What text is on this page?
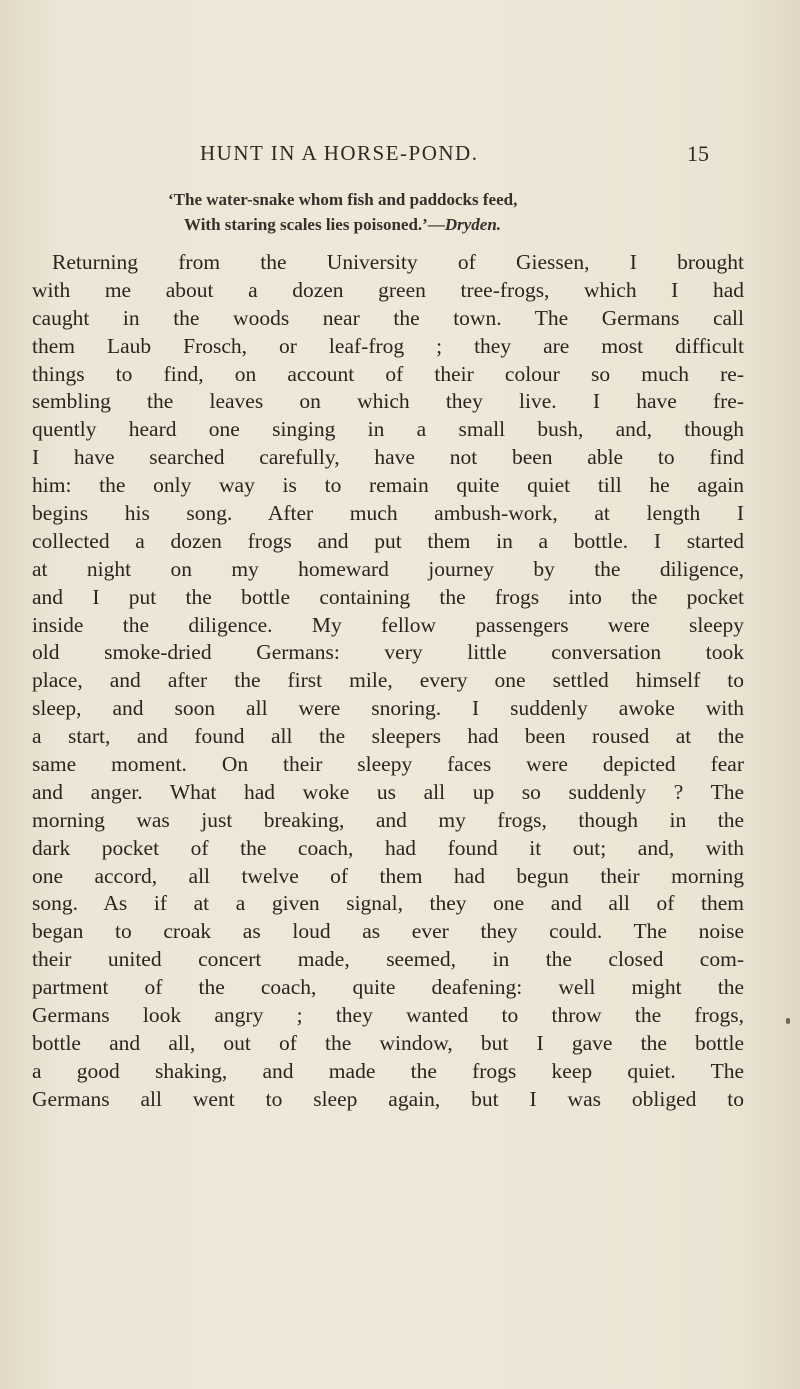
HUNT IN A HORSE-POND.	15
‘The water-snake whom fish and paddocks feed,
With staring scales lies poisoned.’—Dryden.
Returning from the University of Giessen, I brought
with me about a dozen green tree-frogs, which I had
caught in the woods near the town. The Germans call
them Laub Frosch, or leaf-frog ; they are most difficult
things to find, on account of their colour so much re-
sembling the leaves on which they live. I have fre-
quently heard one singing in a small bush, and, though
I have searched carefully, have not been able to find
him: the only way is to remain quite quiet till he again
begins his song. After much ambush-work, at length I
collected a dozen frogs and put them in a bottle. I started
at night on my homeward journey by the diligence,
and I put the bottle containing the frogs into the pocket
inside the diligence. My fellow passengers were sleepy
old smoke-dried Germans: very little conversation took
place, and after the first mile, every one settled himself to
sleep, and soon all were snoring. I suddenly awoke with
a start, and found all the sleepers had been roused at the
same moment. On their sleepy faces were depicted fear
and anger. What had woke us all up so suddenly ? The
morning was just breaking, and my frogs, though in the
dark pocket of the coach, had found it out; and, with
one accord, all twelve of them had begun their morning
song. As if at a given signal, they one and all of them
began to croak as loud as ever they could. The noise
their united concert made, seemed, in the closed com-
partment of the coach, quite deafening: well might the
Germans look angry ; they wanted to throw the frogs,
bottle and all, out of the window, but I gave the bottle
a good shaking, and made the frogs keep quiet. The
Germans all went to sleep again, but I was obliged to
